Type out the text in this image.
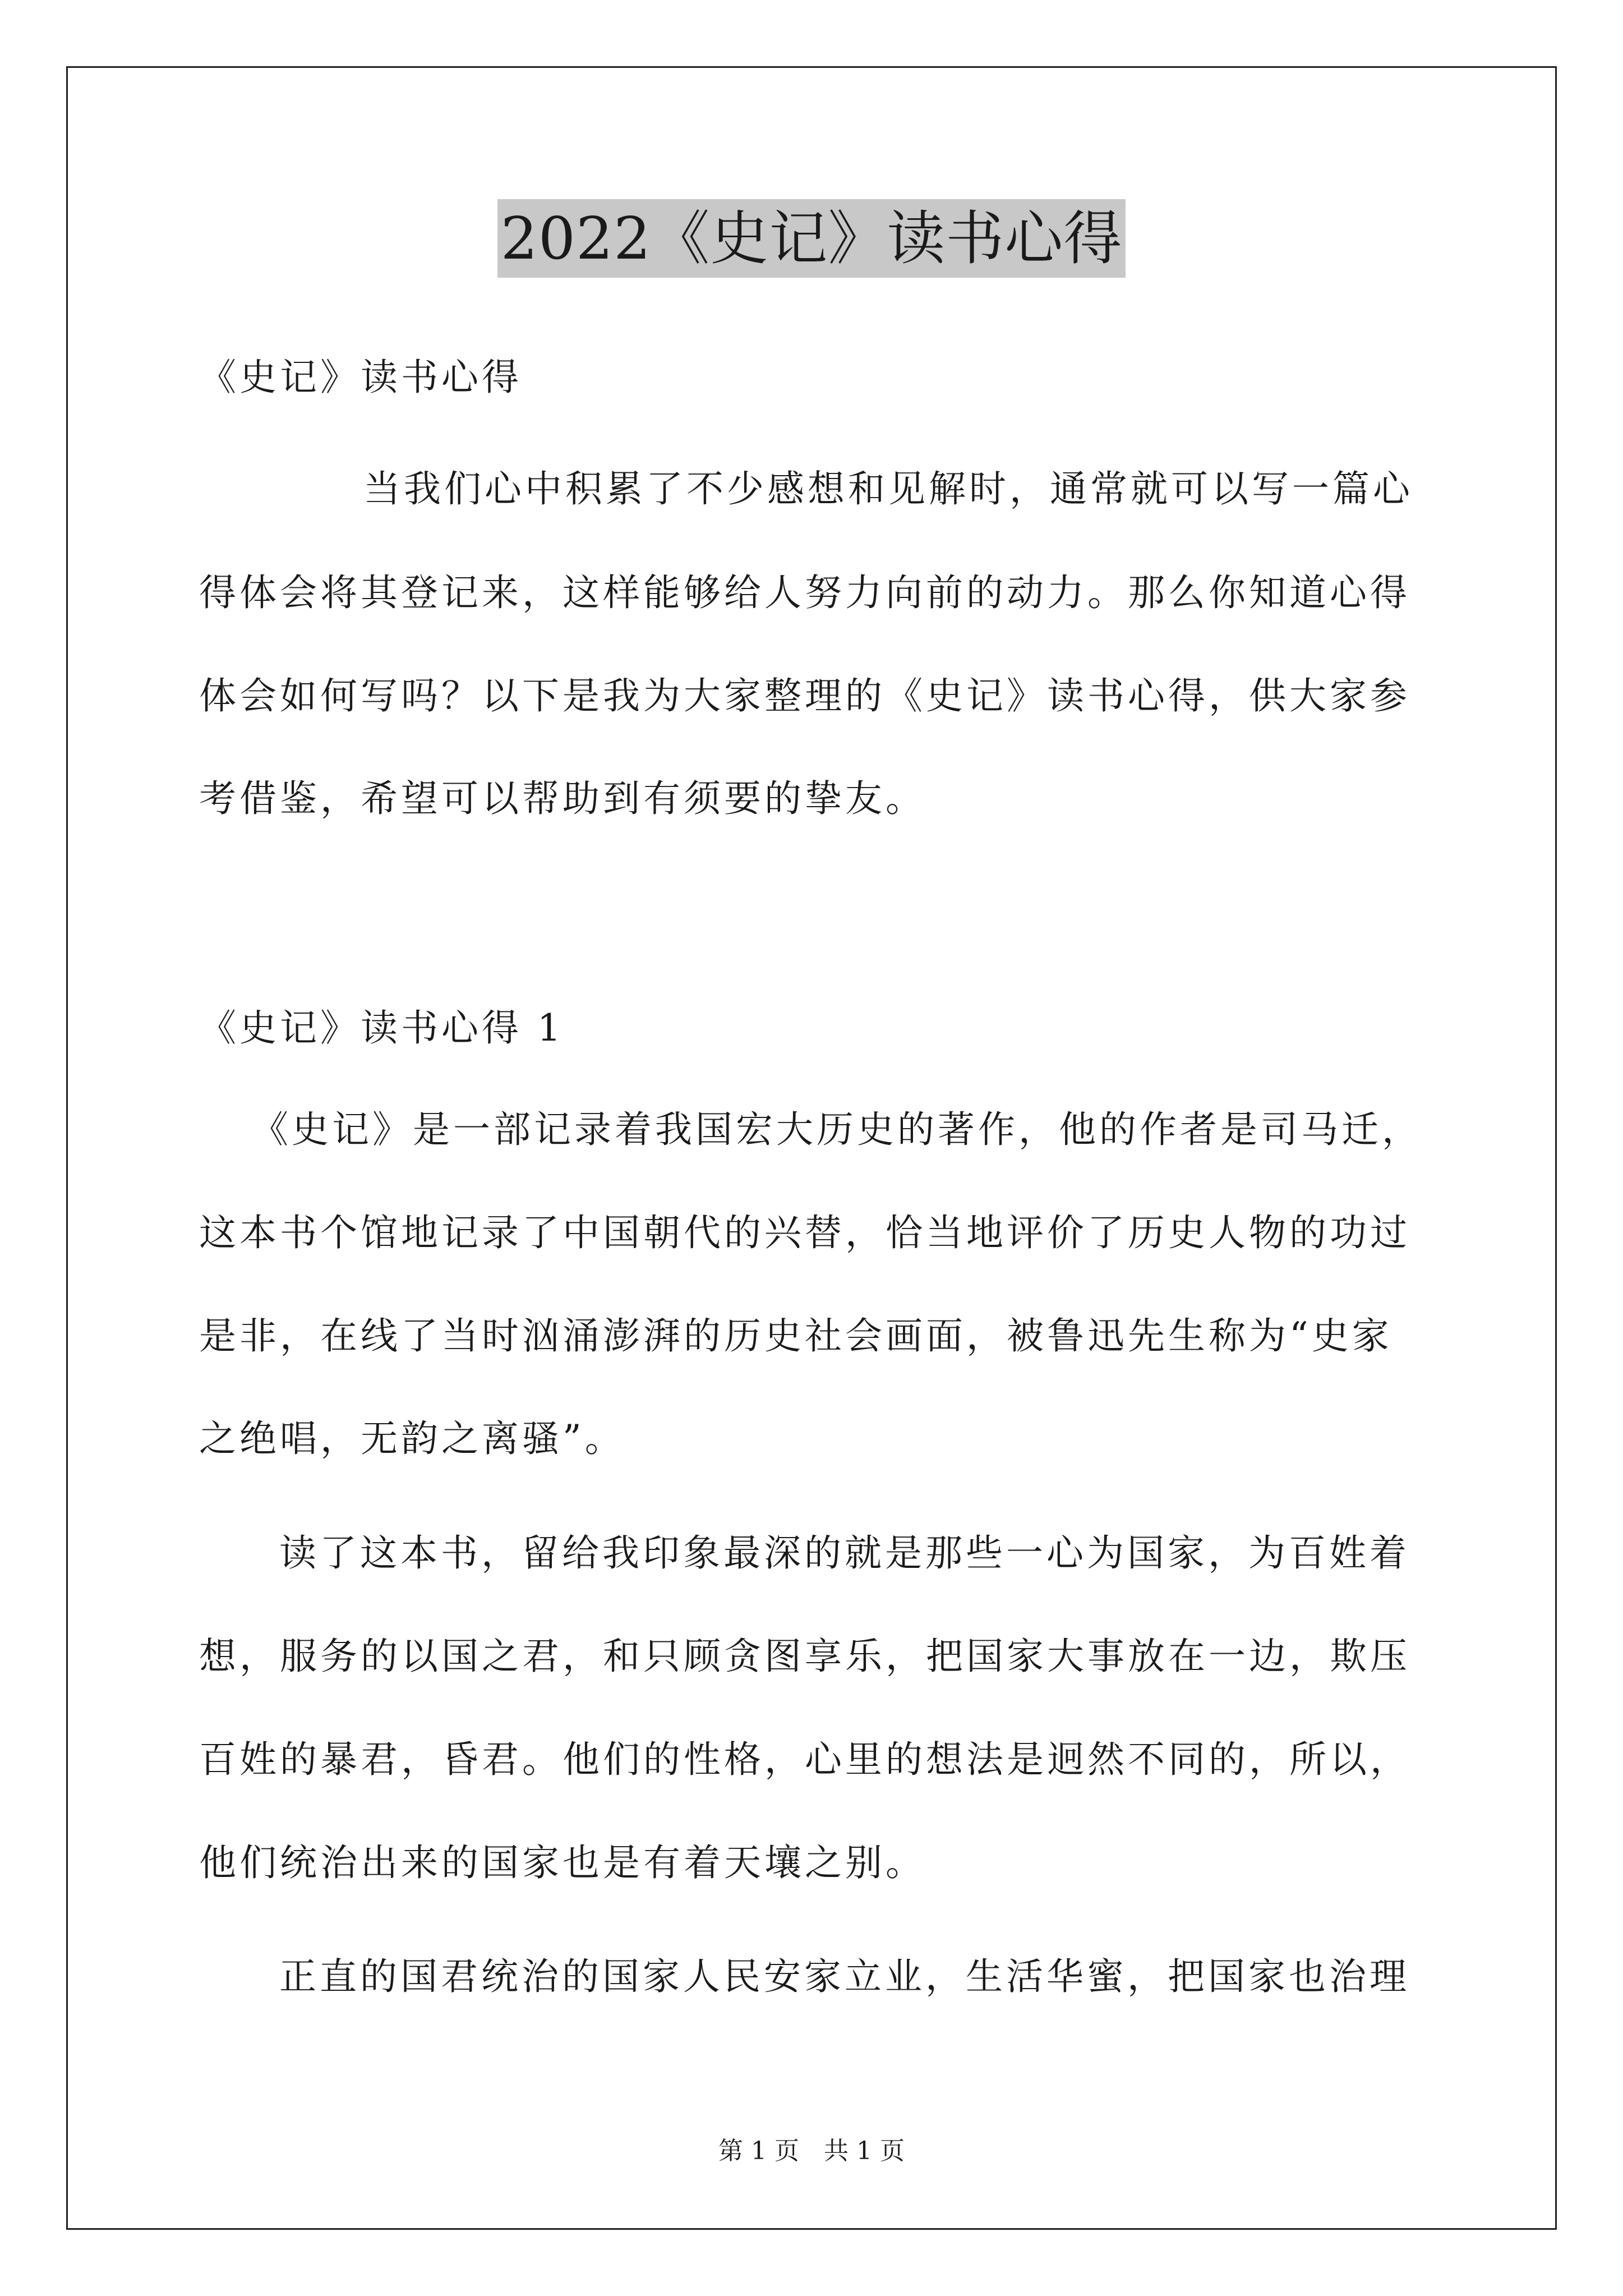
2022《史记》读书心得
《史记》读书心得
当我们心中积累了不少感想和见解时，通常就可以写一篇心
得体会将其登记来，这样能够给人努力向前的动力。那么你知道心得
体会如何写吗？以下是我为大家整理的《史记》读书心得，供大家参
考借鉴，希望可以帮助到有须要的挚友。
《史记》读书心得 1
《史记》是一部记录着我国宏大历史的著作，他的作者是司马迁，
这本书个馆地记录了中国朝代的兴替，恰当地评价了历史人物的功过
是非，在线了当时汹涌澎湃的历史社会画面，被鲁迅先生称为“史家
之绝唱，无韵之离骚”。
读了这本书，留给我印象最深的就是那些一心为国家，为百姓着
想，服务的以国之君，和只顾贪图享乐，把国家大事放在一边，欺压
百姓的暴君，昏君。他们的性格，心里的想法是迥然不同的，所以，
他们统治出来的国家也是有着天壤之别。
正直的国君统治的国家人民安家立业，生活华蜜，把国家也治理
第 1 页　共 1 页
